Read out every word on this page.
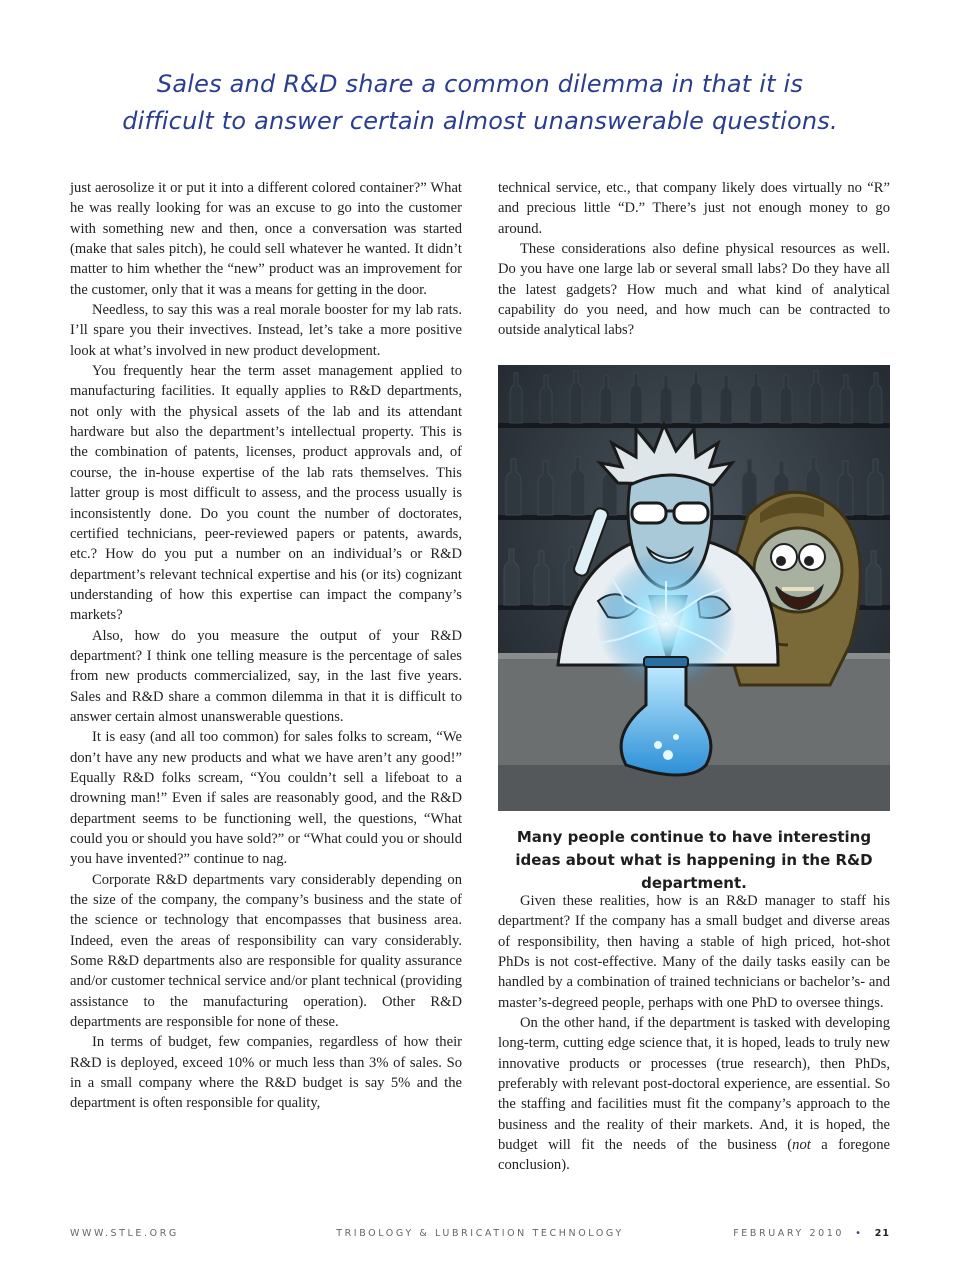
Sales and R&D share a common dilemma in that it is
difficult to answer certain almost unanswerable questions.

just aerosolize it or put it into a different colored container?” What he was really looking for was an excuse to go into the customer with something new and then, once a conversation was started (make that sales pitch), he could sell whatever he wanted. It didn’t matter to him whether the “new” product was an improvement for the customer, only that it was a means for getting in the door.

Needless, to say this was a real morale booster for my lab rats. I’ll spare you their invectives. Instead, let’s take a more positive look at what’s involved in new product development.

You frequently hear the term asset management applied to manufacturing facilities. It equally applies to R&D departments, not only with the physical assets of the lab and its attendant hardware but also the department’s intellectual property. This is the combination of patents, licenses, product approvals and, of course, the in-house expertise of the lab rats themselves. This latter group is most difficult to assess, and the process usually is inconsistently done. Do you count the number of doctorates, certified technicians, peer-reviewed papers or patents, awards, etc.? How do you put a number on an individual’s or R&D department’s relevant technical expertise and his (or its) cognizant understanding of how this expertise can impact the company’s markets?

Also, how do you measure the output of your R&D department? I think one telling measure is the percentage of sales from new products commercialized, say, in the last five years. Sales and R&D share a common dilemma in that it is difficult to answer certain almost unanswerable questions.

It is easy (and all too common) for sales folks to scream, “We don’t have any new products and what we have aren’t any good!” Equally R&D folks scream, “You couldn’t sell a lifeboat to a drowning man!” Even if sales are reasonably good, and the R&D department seems to be functioning well, the questions, “What could you or should you have sold?” or “What could you or should you have invented?” continue to nag.

Corporate R&D departments vary considerably depending on the size of the company, the company’s business and the state of the science or technology that encompasses that business area. Indeed, even the areas of responsibility can vary considerably. Some R&D departments also are responsible for quality assurance and/or customer technical service and/or plant technical (providing assistance to the manufacturing operation). Other R&D departments are responsible for none of these.

In terms of budget, few companies, regardless of how their R&D is deployed, exceed 10% or much less than 3% of sales. So in a small company where the R&D budget is say 5% and the department is often responsible for quality,

technical service, etc., that company likely does virtually no “R” and precious little “D.” There’s just not enough money to go around.

These considerations also define physical resources as well. Do you have one large lab or several small labs? Do they have all the latest gadgets? How much and what kind of analytical capability do you need, and how much can be contracted to outside analytical labs?

Many people continue to have interesting ideas about what is happening in the R&D department.

Given these realities, how is an R&D manager to staff his department? If the company has a small budget and diverse areas of responsibility, then having a stable of high priced, hot-shot PhDs is not cost-effective. Many of the daily tasks easily can be handled by a combination of trained technicians or bachelor’s- and master’s-degreed people, perhaps with one PhD to oversee things.

On the other hand, if the department is tasked with developing long-term, cutting edge science that, it is hoped, leads to truly new innovative products or processes (true research), then PhDs, preferably with relevant post-doctoral experience, are essential. So the staffing and facilities must fit the company’s approach to the business and the reality of their markets. And, it is hoped, the budget will fit the needs of the business (not a foregone conclusion).

WWW.STLE.ORG	TRIBOLOGY & LUBRICATION TECHNOLOGY	FEBRUARY 2010 • 21
